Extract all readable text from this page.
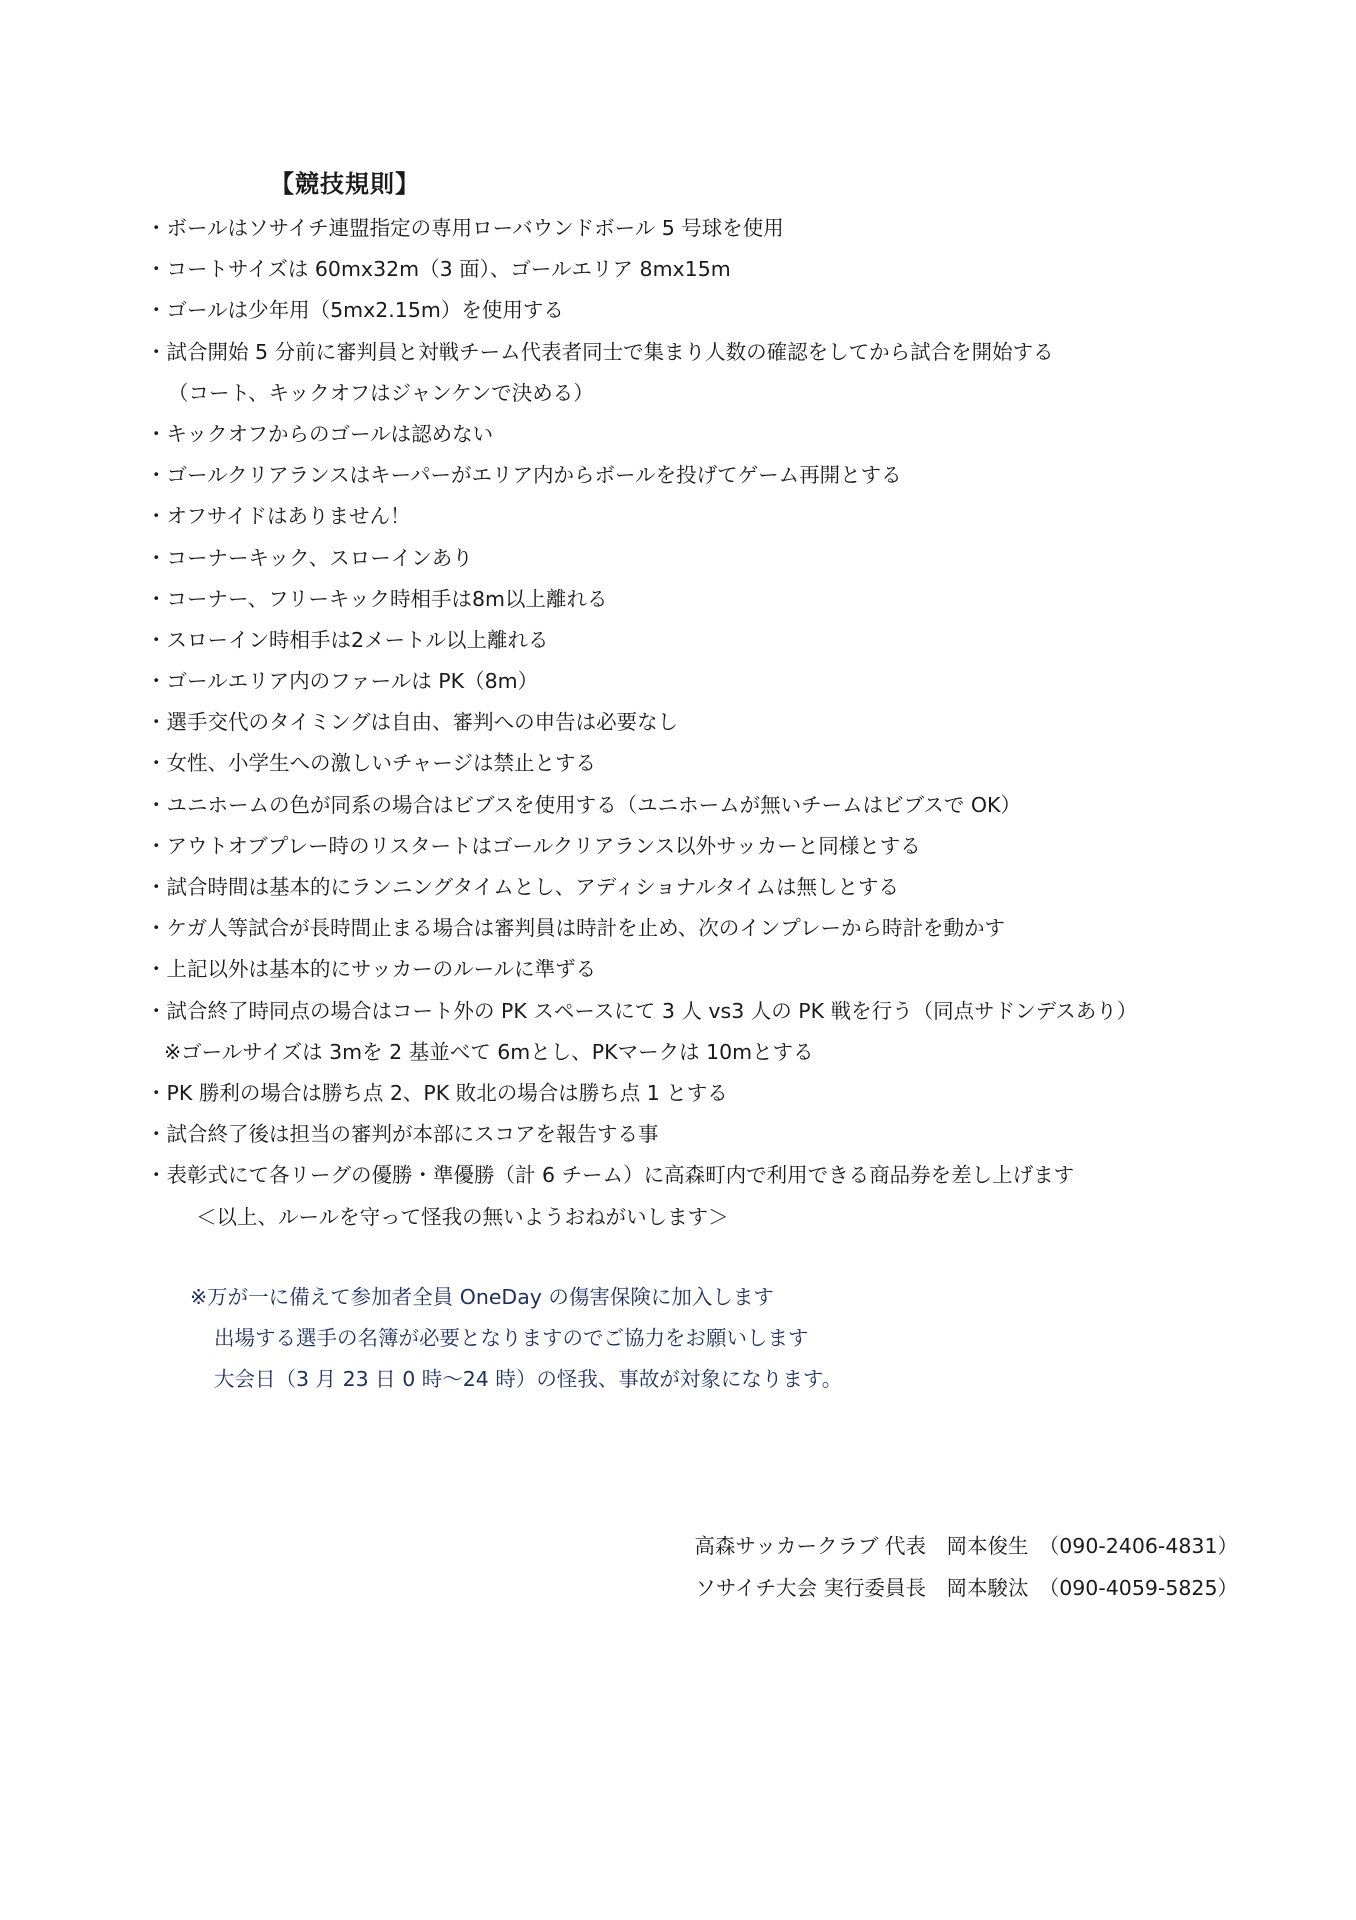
【競技規則】
・ボールはソサイチ連盟指定の専用ローバウンドボール 5 号球を使用
・コートサイズは 60mx32m（3 面）、ゴールエリア 8mx15m
・ゴールは少年用（5mx2.15m）を使用する
・試合開始 5 分前に審判員と対戦チーム代表者同士で集まり人数の確認をしてから試合を開始する
（コート、キックオフはジャンケンで決める）
・キックオフからのゴールは認めない
・ゴールクリアランスはキーパーがエリア内からボールを投げてゲーム再開とする
・オフサイドはありません！
・コーナーキック、スローインあり
・コーナー、フリーキック時相手は8m以上離れる
・スローイン時相手は2メートル以上離れる
・ゴールエリア内のファールは PK（8m）
・選手交代のタイミングは自由、審判への申告は必要なし
・女性、小学生への激しいチャージは禁止とする
・ユニホームの色が同系の場合はビブスを使用する（ユニホームが無いチームはビブスで OK）
・アウトオブプレー時のリスタートはゴールクリアランス以外サッカーと同様とする
・試合時間は基本的にランニングタイムとし、アディショナルタイムは無しとする
・ケガ人等試合が長時間止まる場合は審判員は時計を止め、次のインプレーから時計を動かす
・上記以外は基本的にサッカーのルールに準ずる
・試合終了時同点の場合はコート外の PK スペースにて 3 人 vs3 人の PK 戦を行う（同点サドンデスあり）
※ゴールサイズは 3mを 2 基並べて 6mとし、PKマークは 10mとする
・PK 勝利の場合は勝ち点 2、PK 敗北の場合は勝ち点 1 とする
・試合終了後は担当の審判が本部にスコアを報告する事
・表彰式にて各リーグの優勝・準優勝（計 6 チーム）に高森町内で利用できる商品券を差し上げます
＜以上、ルールを守って怪我の無いようおねがいします＞
※万が一に備えて参加者全員 OneDay の傷害保険に加入します
出場する選手の名簿が必要となりますのでご協力をお願いします
大会日（3 月 23 日 0 時～24 時）の怪我、事故が対象になります。
高森サッカークラブ 代表　岡本俊生　（090-2406-4831）
ソサイチ大会 実行委員長　岡本駿汰　（090-4059-5825）
